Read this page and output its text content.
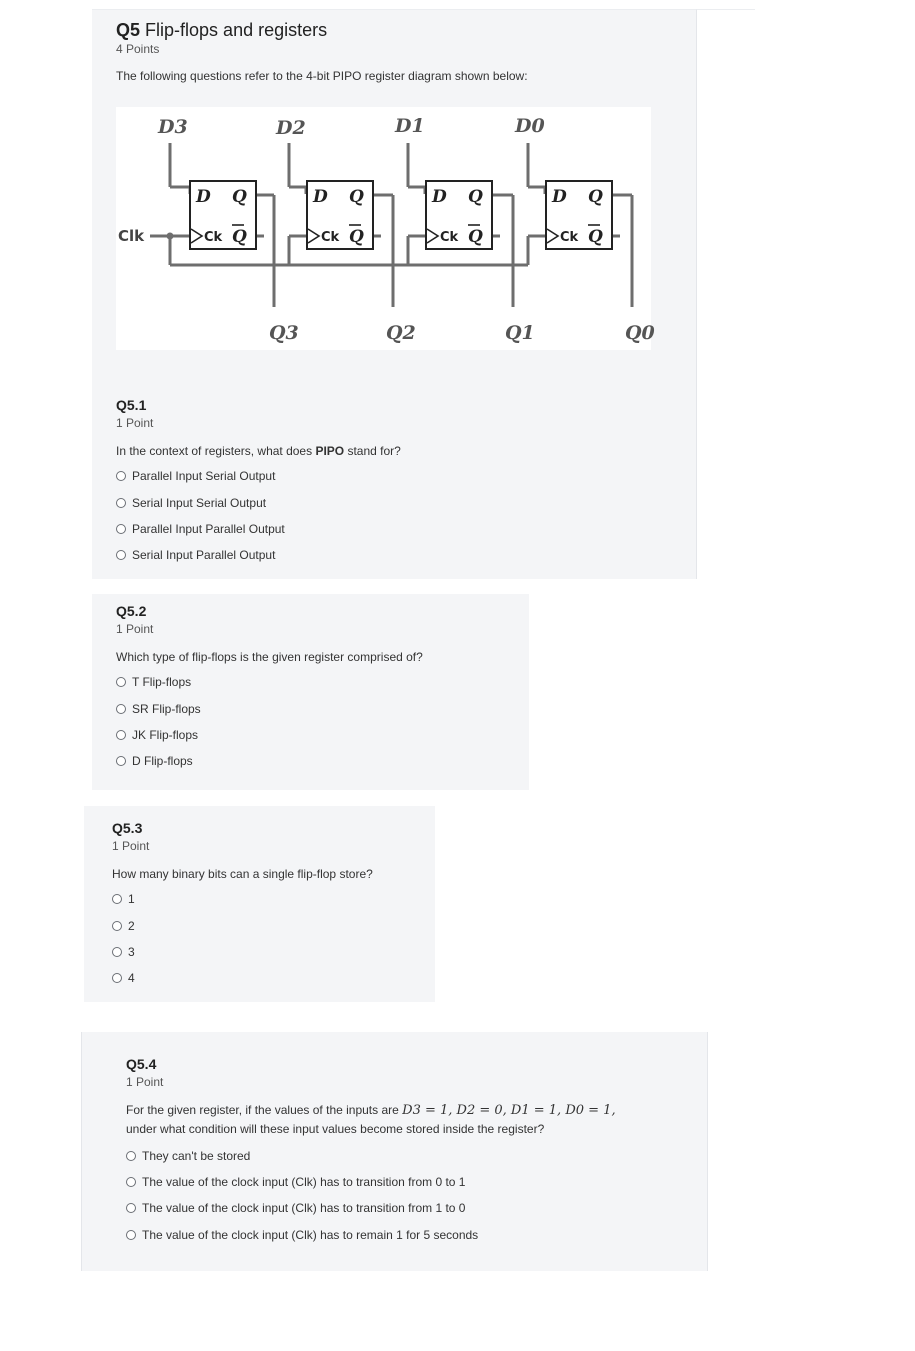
Q5 Flip-flops and registers
4 Points
The following questions refer to the 4-bit PIPO register diagram shown below:
D3	D2	D1	D0
Q3	Q2	Q1	Q0
Clk
D Q
Ck Q
D Q
Ck Q
D Q
Ck Q
D Q
Ck Q
Q5.1
1 Point
In the context of registers, what does PIPO stand for?
Parallel Input Serial Output
Serial Input Serial Output
Parallel Input Parallel Output
Serial Input Parallel Output
Q5.2
1 Point
Which type of flip-flops is the given register comprised of?
T Flip-flops
SR Flip-flops
JK Flip-flops
D Flip-flops
Q5.3
1 Point
How many binary bits can a single flip-flop store?
1
2
3
4
Q5.4
1 Point
For the given register, if the values of the inputs are D3 = 1, D2 = 0, D1 = 1, D0 = 1,
under what condition will these input values become stored inside the register?
They can't be stored
The value of the clock input (Clk) has to transition from 0 to 1
The value of the clock input (Clk) has to transition from 1 to 0
The value of the clock input (Clk) has to remain 1 for 5 seconds
